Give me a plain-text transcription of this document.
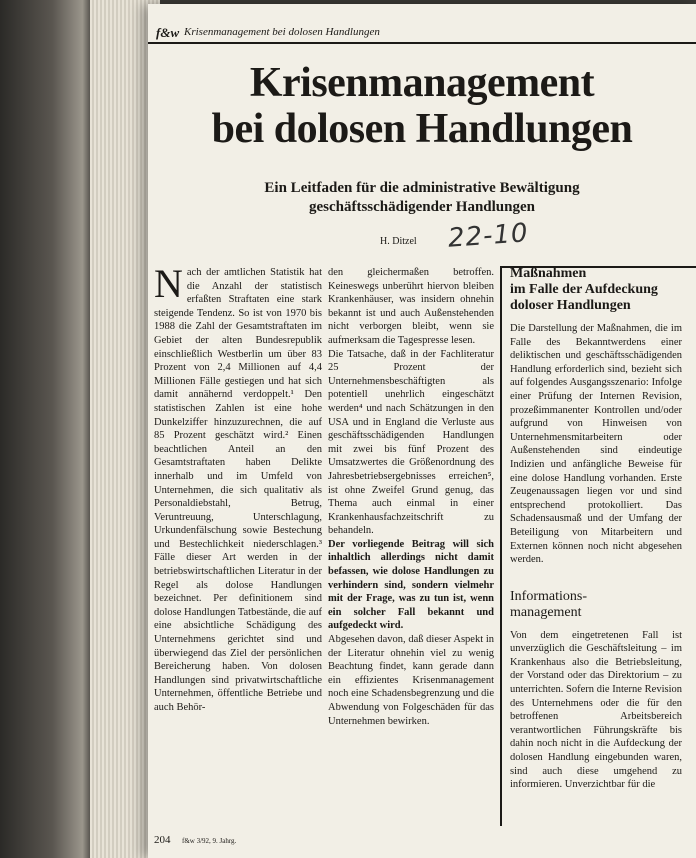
f&w Krisenmanagement bei dolosen Handlungen
Krisenmanagement
bei dolosen Handlungen
Ein Leitfaden für die administrative Bewältigung
geschäftsschädigender Handlungen
H. Ditzel 22-10

Nach der amtlichen Statistik hat die Anzahl der statistisch erfaßten Straftaten eine stark steigende Tendenz. So ist von 1970 bis 1988 die Zahl der Gesamtstraftaten im Gebiet der alten Bundesrepublik einschließlich Westberlin um über 83 Prozent von 2,4 Millionen auf 4,4 Millionen Fälle gestiegen und hat sich damit annähernd verdoppelt.¹ Den statistischen Zahlen ist eine hohe Dunkelziffer hinzuzurechnen, die auf 85 Prozent geschätzt wird.² Einen beachtlichen Anteil an den Gesamtstraftaten haben Delikte innerhalb und im Umfeld von Unternehmen, die sich qualitativ als Personaldiebstahl, Betrug, Veruntreuung, Unterschlagung, Urkundenfälschung sowie Bestechung und Bestechlichkeit niederschlagen.³ Fälle dieser Art werden in der betriebswirtschaftlichen Literatur in der Regel als dolose Handlungen bezeichnet. Per definitionem sind dolose Handlungen Tatbestände, die auf eine absichtliche Schädigung des Unternehmens gerichtet sind und überwiegend das Ziel der persönlichen Bereicherung haben. Von dolosen Handlungen sind privatwirtschaftliche Unternehmen, öffentliche Betriebe und auch Behör-

den gleichermaßen betroffen. Keineswegs unberührt hiervon bleiben Krankenhäuser, was insidern ohnehin bekannt ist und auch Außenstehenden nicht verborgen bleibt, wenn sie aufmerksam die Tagespresse lesen.

Die Tatsache, daß in der Fachliteratur 25 Prozent der Unternehmensbeschäftigten als potentiell unehrlich eingeschätzt werden⁴ und nach Schätzungen in den USA und in England die Verluste aus geschäftsschädigenden Handlungen mit zwei bis fünf Prozent des Umsatzwertes die Größenordnung des Jahresbetriebsergebnisses erreichen⁵, ist ohne Zweifel Grund genug, das Thema auch einmal in einer Krankenhausfachzeitschrift zu behandeln.

Der vorliegende Beitrag will sich inhaltlich allerdings nicht damit befassen, wie dolose Handlungen zu verhindern sind, sondern vielmehr mit der Frage, was zu tun ist, wenn ein solcher Fall bekannt und aufgedeckt wird.

Abgesehen davon, daß dieser Aspekt in der Literatur ohnehin viel zu wenig Beachtung findet, kann gerade dann ein effizientes Krisenmanagement noch eine Schadensbegrenzung und die Abwendung von Folgeschäden für das Unternehmen bewirken.

Maßnahmen
im Falle der Aufdeckung
doloser Handlungen

Die Darstellung der Maßnahmen, die im Falle des Bekanntwerdens einer deliktischen und geschäftsschädigenden Handlung erforderlich sind, bezieht sich auf folgendes Ausgangsszenario: Infolge einer Prüfung der Internen Revision, prozeßimmanenter Kontrollen und/oder aufgrund von Hinweisen von Unternehmensmitarbeitern oder Außenstehenden sind eindeutige Indizien und anfängliche Beweise für eine dolose Handlung vorhanden. Erste Zeugenaussagen liegen vor und sind entsprechend protokolliert. Das Schadensausmaß und der Umfang der Beteiligung von Mitarbeitern und Externen können noch nicht abgesehen werden.

Informations-
management

Von dem eingetretenen Fall ist unverzüglich die Geschäftsleitung – im Krankenhaus also die Betriebsleitung, der Vorstand oder das Direktorium – zu unterrichten. Sofern die Interne Revision des Unternehmens oder die für den betroffenen Arbeitsbereich verantwortlichen Führungskräfte bis dahin noch nicht in die Aufdeckung der dolosen Handlung eingebunden waren, sind auch diese umgehend zu informieren. Unverzichtbar für die

204 f&w 3/92, 9. Jahrg.
